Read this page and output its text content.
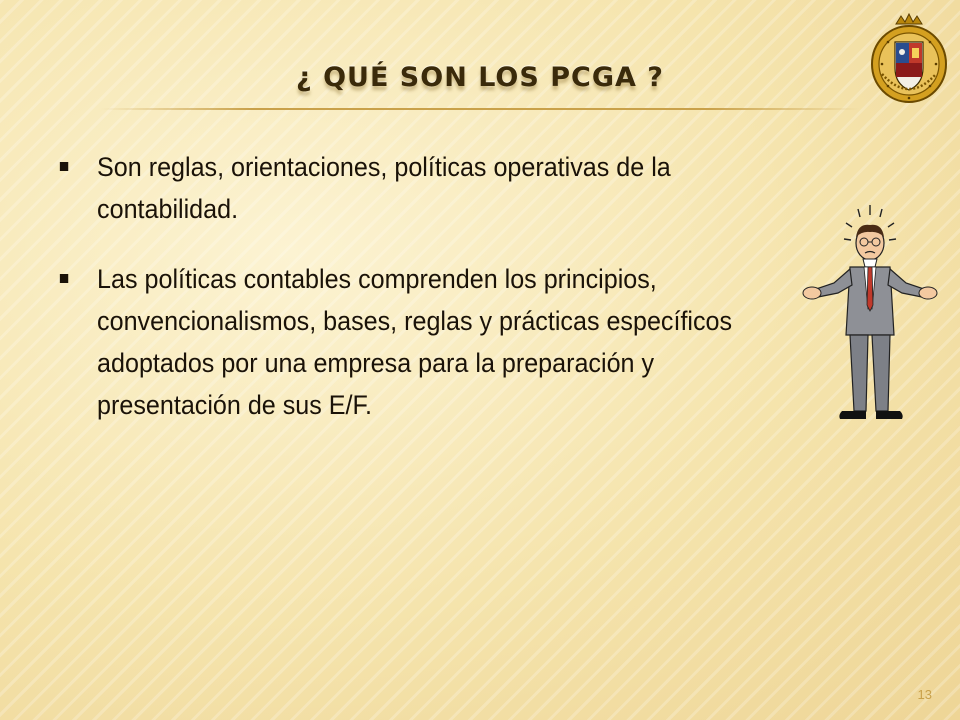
¿ QUÉ SON LOS PCGA ?
Son reglas, orientaciones, políticas operativas de la contabilidad.
Las políticas contables comprenden los principios, convencionalismos, bases, reglas y prácticas específicos adoptados por una empresa para la preparación y presentación de sus E/F.
13
